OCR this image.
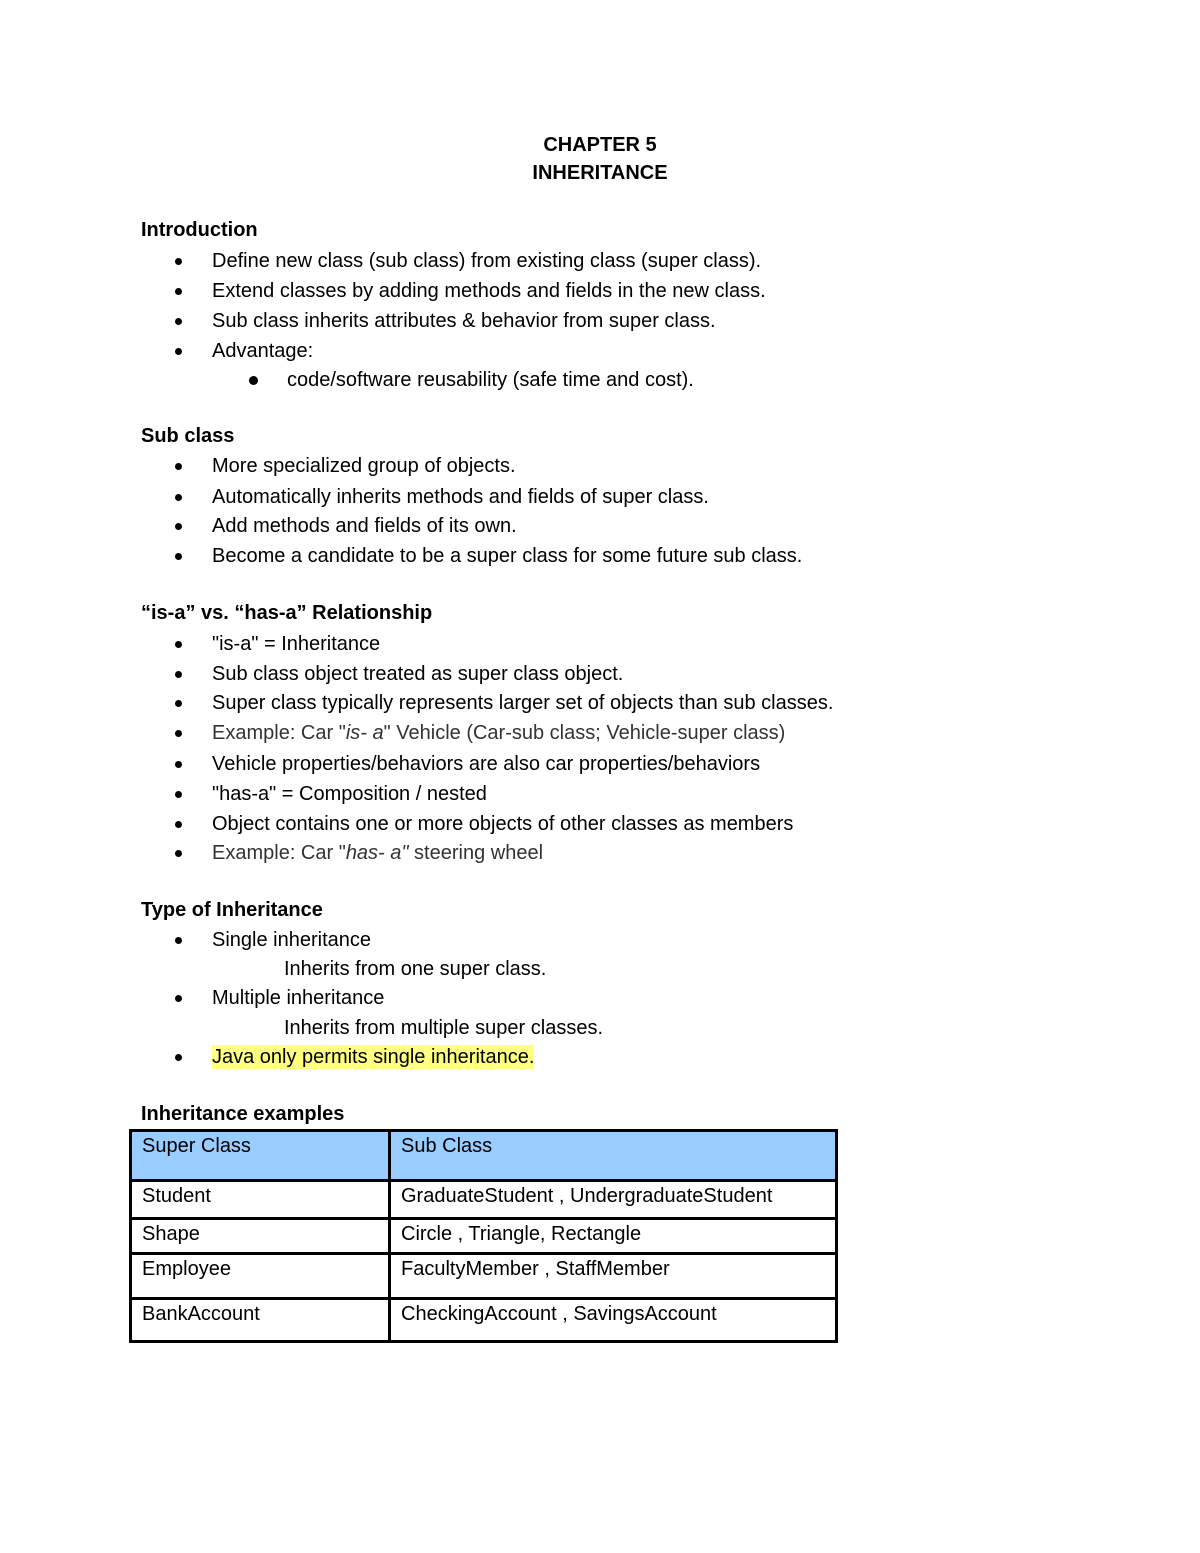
CHAPTER 5
INHERITANCE
Introduction
Define new class (sub class) from existing class (super class).
Extend classes by adding methods and fields in the new class.
Sub class inherits attributes & behavior from super class.
Advantage:
code/software reusability (safe time and cost).
Sub class
More specialized group of objects.
Automatically inherits methods and fields of super class.
Add methods and fields of its own.
Become a candidate to be a super class for some future sub class.
“is-a” vs. “has-a” Relationship
"is-a" = Inheritance
Sub class object treated as super class object.
Super class typically represents larger set of objects than sub classes.
Example: Car "is- a" Vehicle (Car-sub class; Vehicle-super class)
Vehicle properties/behaviors are also car properties/behaviors
"has-a" = Composition / nested
Object contains one or more objects of other classes as members
Example: Car "has- a" steering wheel
Type of Inheritance
Single inheritance
Inherits from one super class.
Multiple inheritance
Inherits from multiple super classes.
Java only permits single inheritance.
Inheritance examples
Super Class	Sub Class
Student	GraduateStudent , UndergraduateStudent
Shape	Circle , Triangle, Rectangle
Employee	FacultyMember , StaffMember
BankAccount	CheckingAccount , SavingsAccount
